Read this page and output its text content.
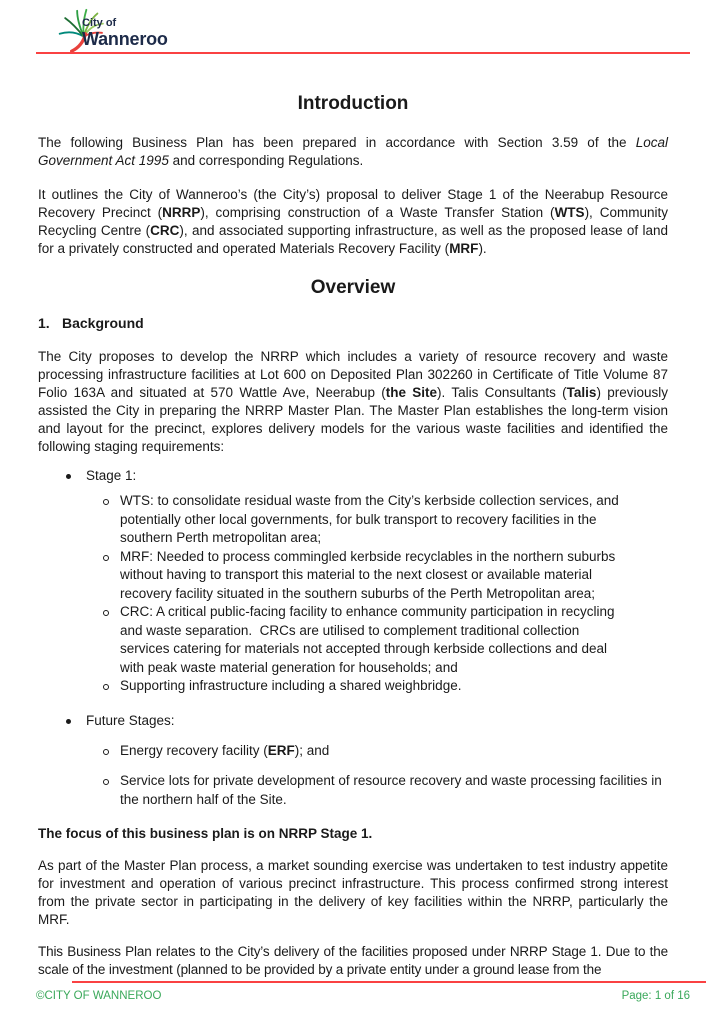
City of
Wanneroo
Introduction

The following Business Plan has been prepared in accordance with Section 3.59 of the Local Government Act 1995 and corresponding Regulations.

It outlines the City of Wanneroo’s (the City’s) proposal to deliver Stage 1 of the Neerabup Resource Recovery Precinct (NRRP), comprising construction of a Waste Transfer Station (WTS), Community Recycling Centre (CRC), and associated supporting infrastructure, as well as the proposed lease of land for a privately constructed and operated Materials Recovery Facility (MRF).

Overview
1. Background

The City proposes to develop the NRRP which includes a variety of resource recovery and waste processing infrastructure facilities at Lot 600 on Deposited Plan 302260 in Certificate of Title Volume 87 Folio 163A and situated at 570 Wattle Ave, Neerabup (the Site). Talis Consultants (Talis) previously assisted the City in preparing the NRRP Master Plan. The Master Plan establishes the long-term vision and layout for the precinct, explores delivery models for the various waste facilities and identified the following staging requirements:

Stage 1:
WTS: to consolidate residual waste from the City’s kerbside collection services, and potentially other local governments, for bulk transport to recovery facilities in the southern Perth metropolitan area;
MRF: Needed to process commingled kerbside recyclables in the northern suburbs without having to transport this material to the next closest or available material recovery facility situated in the southern suburbs of the Perth Metropolitan area;
CRC: A critical public-facing facility to enhance community participation in recycling and waste separation.  CRCs are utilised to complement traditional collection services catering for materials not accepted through kerbside collections and deal with peak waste material generation for households; and
Supporting infrastructure including a shared weighbridge.
Future Stages:
Energy recovery facility (ERF); and
Service lots for private development of resource recovery and waste processing facilities in the northern half of the Site.

The focus of this business plan is on NRRP Stage 1.

As part of the Master Plan process, a market sounding exercise was undertaken to test industry appetite for investment and operation of various precinct infrastructure. This process confirmed strong interest from the private sector in participating in the delivery of key facilities within the NRRP, particularly the MRF.

This Business Plan relates to the City’s delivery of the facilities proposed under NRRP Stage 1. Due to the scale of the investment (planned to be provided by a private entity under a ground lease from the

©CITY OF WANNEROO	Page: 1 of 16
